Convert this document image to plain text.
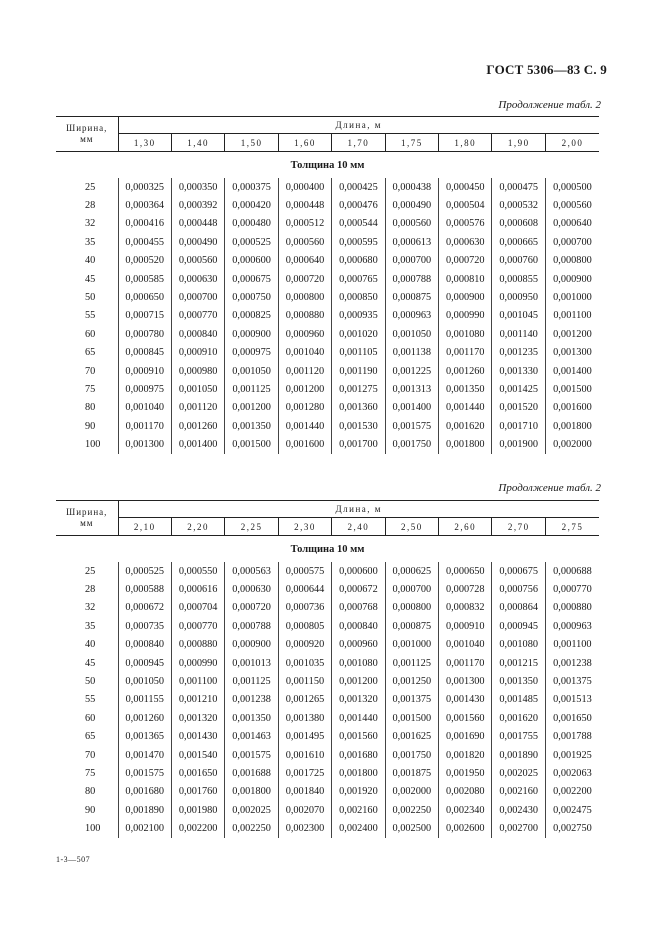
ГОСТ 5306—83 С. 9
Продолжение табл. 2
Ширина,
мм	Длина, м								
	1,30	1,40	1,50	1,60	1,70	1,75	1,80	1,90	2,00
Толщина 10 мм									
25	0,000325	0,000350	0,000375	0,000400	0,000425	0,000438	0,000450	0,000475	0,000500
28	0,000364	0,000392	0,000420	0,000448	0,000476	0,000490	0,000504	0,000532	0,000560
32	0,000416	0,000448	0,000480	0,000512	0,000544	0,000560	0,000576	0,000608	0,000640
35	0,000455	0,000490	0,000525	0,000560	0,000595	0,000613	0,000630	0,000665	0,000700
40	0,000520	0,000560	0,000600	0,000640	0,000680	0,000700	0,000720	0,000760	0,000800
45	0,000585	0,000630	0,000675	0,000720	0,000765	0,000788	0,000810	0,000855	0,000900
50	0,000650	0,000700	0,000750	0,000800	0,000850	0,000875	0,000900	0,000950	0,001000
55	0,000715	0,000770	0,000825	0,000880	0,000935	0,000963	0,000990	0,001045	0,001100
60	0,000780	0,000840	0,000900	0,000960	0,001020	0,001050	0,001080	0,001140	0,001200
65	0,000845	0,000910	0,000975	0,001040	0,001105	0,001138	0,001170	0,001235	0,001300
70	0,000910	0,000980	0,001050	0,001120	0,001190	0,001225	0,001260	0,001330	0,001400
75	0,000975	0,001050	0,001125	0,001200	0,001275	0,001313	0,001350	0,001425	0,001500
80	0,001040	0,001120	0,001200	0,001280	0,001360	0,001400	0,001440	0,001520	0,001600
90	0,001170	0,001260	0,001350	0,001440	0,001530	0,001575	0,001620	0,001710	0,001800
100	0,001300	0,001400	0,001500	0,001600	0,001700	0,001750	0,001800	0,001900	0,002000
Продолжение табл. 2
Ширина,
мм	Длина, м								
	2,10	2,20	2,25	2,30	2,40	2,50	2,60	2,70	2,75
Толщина 10 мм									
25	0,000525	0,000550	0,000563	0,000575	0,000600	0,000625	0,000650	0,000675	0,000688
28	0,000588	0,000616	0,000630	0,000644	0,000672	0,000700	0,000728	0,000756	0,000770
32	0,000672	0,000704	0,000720	0,000736	0,000768	0,000800	0,000832	0,000864	0,000880
35	0,000735	0,000770	0,000788	0,000805	0,000840	0,000875	0,000910	0,000945	0,000963
40	0,000840	0,000880	0,000900	0,000920	0,000960	0,001000	0,001040	0,001080	0,001100
45	0,000945	0,000990	0,001013	0,001035	0,001080	0,001125	0,001170	0,001215	0,001238
50	0,001050	0,001100	0,001125	0,001150	0,001200	0,001250	0,001300	0,001350	0,001375
55	0,001155	0,001210	0,001238	0,001265	0,001320	0,001375	0,001430	0,001485	0,001513
60	0,001260	0,001320	0,001350	0,001380	0,001440	0,001500	0,001560	0,001620	0,001650
65	0,001365	0,001430	0,001463	0,001495	0,001560	0,001625	0,001690	0,001755	0,001788
70	0,001470	0,001540	0,001575	0,001610	0,001680	0,001750	0,001820	0,001890	0,001925
75	0,001575	0,001650	0,001688	0,001725	0,001800	0,001875	0,001950	0,002025	0,002063
80	0,001680	0,001760	0,001800	0,001840	0,001920	0,002000	0,002080	0,002160	0,002200
90	0,001890	0,001980	0,002025	0,002070	0,002160	0,002250	0,002340	0,002430	0,002475
100	0,002100	0,002200	0,002250	0,002300	0,002400	0,002500	0,002600	0,002700	0,002750
1-3—507
